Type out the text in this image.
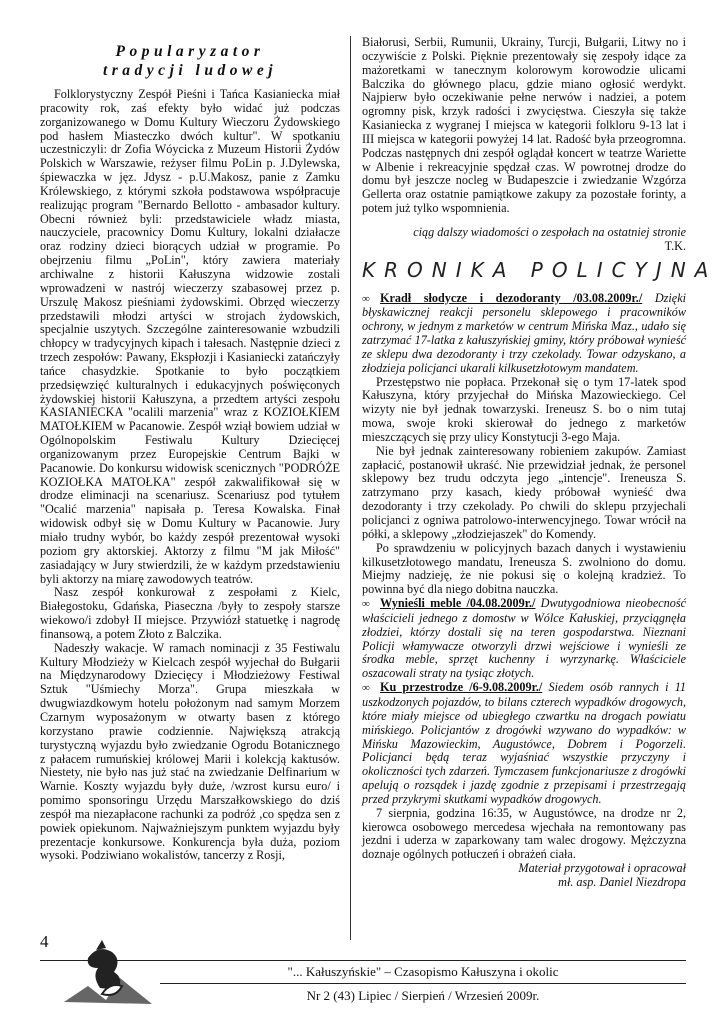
Popularyzator
tradycji ludowej

Folklorystyczny Zespół Pieśni i Tańca Kasianiecka miał pracowity rok, zaś efekty było widać już podczas zorganizowanego w Domu Kultury Wieczoru Żydowskiego pod hasłem Miasteczko dwóch kultur". W spotkaniu uczestniczyli: dr Zofia Wóycicka z Muzeum Historii Żydów Polskich w Warszawie, reżyser filmu PoLin p. J.Dylewska, śpiewaczka w jęz. Jdysz - p.U.Makosz, panie z Zamku Królewskiego, z którymi szkoła podstawowa współpracuje realizując program "Bernardo Bellotto - ambasador kultury. Obecni również byli: przedstawiciele władz miasta, nauczyciele, pracownicy Domu Kultury, lokalni działacze oraz rodziny dzieci biorących udział w programie. Po obejrzeniu filmu „PoLin", który zawiera materiały archiwalne z historii Kałuszyna widzowie zostali wprowadzeni w nastrój wieczerzy szabasowej przez p. Urszulę Makosz pieśniami żydowskimi. Obrzęd wieczerzy przedstawili młodzi artyści w strojach żydowskich, specjalnie uszytych. Szczególne zainteresowanie wzbudzili chłopcy w tradycyjnych kipach i tałesach. Następnie dzieci z trzech zespołów: Pawany, Ekspłozji i Kasianiecki zatańczyły tańce chasydzkie. Spotkanie to było początkiem przedsięwzięć kulturalnych i edukacyjnych poświęconych żydowskiej historii Kałuszyna, a przedtem artyści zespołu KASIANIECKA "ocalili marzenia" wraz z KOZIOŁKIEM MATOŁKIEM w Pacanowie. Zespół wziął bowiem udział w Ogólnopolskim Festiwalu Kultury Dziecięcej organizowanym przez Europejskie Centrum Bajki w Pacanowie. Do konkursu widowisk scenicznych "PODRÓŻE KOZIOŁKA MATOŁKA" zespół zakwalifikował się w drodze eliminacji na scenariusz. Scenariusz pod tytułem "Ocalić marzenia" napisała p. Teresa Kowalska. Finał widowisk odbył się w Domu Kultury w Pacanowie. Jury miało trudny wybór, bo każdy zespół prezentował wysoki poziom gry aktorskiej. Aktorzy z filmu "M jak Miłość" zasiadający w Jury stwierdzili, że w każdym przedstawieniu byli aktorzy na miarę zawodowych teatrów.

Nasz zespół konkurował z zespołami z Kielc, Białegostoku, Gdańska, Piaseczna /były to zespoły starsze wiekowo/i zdobył II miejsce. Przywiózł statuetkę i nagrodę finansową, a potem Złoto z Balczika.

Nadeszły wakacje. W ramach nominacji z 35 Festiwalu Kultury Młodzieży w Kielcach zespół wyjechał do Bułgarii na Międzynarodowy Dziecięcy i Młodzieżowy Festiwal Sztuk "Uśmiechy Morza". Grupa mieszkała w dwugwiazdkowym hotelu położonym nad samym Morzem Czarnym wyposażonym w otwarty basen z którego korzystano prawie codziennie. Największą atrakcją turystyczną wyjazdu było zwiedzanie Ogrodu Botanicznego z pałacem rumuńskiej królowej Marii i kolekcją kaktusów. Niestety, nie było nas już stać na zwiedzanie Delfinarium w Warnie. Koszty wyjazdu były duże, /wzrost kursu euro/ i pomimo sponsoringu Urzędu Marszałkowskiego do dziś zespół ma niezapłacone rachunki za podróż ,co spędza sen z powiek opiekunom. Najważniejszym punktem wyjazdu były prezentacje konkursowe. Konkurencja była duża, poziom wysoki. Podziwiano wokalistów, tancerzy z Rosji,

Białorusi, Serbii, Rumunii, Ukrainy, Turcji, Bułgarii, Litwy no i oczywiście z Polski. Pięknie prezentowały się zespoły idące za mażoretkami w tanecznym kolorowym korowodzie ulicami Balczika do głównego placu, gdzie miano ogłosić werdykt. Najpierw było oczekiwanie pełne nerwów i nadziei, a potem ogromny pisk, krzyk radości i zwycięstwa. Cieszyła się także Kasianiecka z wygranej I miejsca w kategorii folkloru 9-13 lat i III miejsca w kategorii powyżej 14 lat. Radość była przeogromna. Podczas następnych dni zespół oglądał koncert w teatrze Wariette w Albenie i rekreacyjnie spędzał czas. W powrotnej drodze do domu był jeszcze nocleg w Budapeszcie i zwiedzanie Wzgórza Gellerta oraz ostatnie pamiątkowe zakupy za pozostałe forinty, a potem już tylko wspomnienia.

ciąg dalszy wiadomości o zespołach na ostatniej stronie

T.K.

KRONIKA POLICYJNA

∞ Kradł słodycze i dezodoranty /03.08.2009r./ Dzięki błyskawicznej reakcji personelu sklepowego i pracowników ochrony, w jednym z marketów w centrum Mińska Maz., udało się zatrzymać 17-latka z kałuszyńskiej gminy, który próbował wynieść ze sklepu dwa dezodoranty i trzy czekolady. Towar odzyskano, a złodzieja policjanci ukarali kilkusetzłotowym mandatem.

Przestępstwo nie popłaca. Przekonał się o tym 17-latek spod Kałuszyna, który przyjechał do Mińska Mazowieckiego. Cel wizyty nie był jednak towarzyski. Ireneusz S. bo o nim tutaj mowa, swoje kroki skierował do jednego z marketów mieszczących się przy ulicy Konstytucji 3-ego Maja.

Nie był jednak zainteresowany robieniem zakupów. Zamiast zapłacić, postanowił ukraść. Nie przewidział jednak, że personel sklepowy bez trudu odczyta jego „intencje". Ireneusza S. zatrzymano przy kasach, kiedy próbował wynieść dwa dezodoranty i trzy czekolady. Po chwili do sklepu przyjechali policjanci z ogniwa patrolowo-interwencyjnego. Towar wrócił na półki, a sklepowy „złodziejaszek" do Komendy.

Po sprawdzeniu w policyjnych bazach danych i wystawieniu kilkusetzłotowego mandatu, Ireneusza S. zwolniono do domu. Miejmy nadzieję, że nie pokusi się o kolejną kradzież. To powinna być dla niego dobitna nauczka.

∞ Wynieśli meble /04.08.2009r./ Dwutygodniowa nieobecność właścicieli jednego z domostw w Wólce Kałuskiej, przyciągnęła złodziei, którzy dostali się na teren gospodarstwa. Nieznani Policji włamywacze otworzyli drzwi wejściowe i wynieśli ze środka meble, sprzęt kuchenny i wyrzynarkę. Właściciele oszacowali straty na tysiąc złotych.

∞ Ku przestrodze /6-9.08.2009r./ Siedem osób rannych i 11 uszkodzonych pojazdów, to bilans czterech wypadków drogowych, które miały miejsce od ubiegłego czwartku na drogach powiatu mińskiego. Policjantów z drogówki wzywano do wypadków: w Mińsku Mazowieckim, Augustówce, Dobrem i Pogorzeli. Policjanci będą teraz wyjaśniać wszystkie przyczyny i okoliczności tych zdarzeń. Tymczasem funkcjonariusze z drogówki apelują o rozsądek i jazdę zgodnie z przepisami i przestrzegają przed przykrymi skutkami wypadków drogowych.

7 sierpnia, godzina 16:35, w Augustówce, na drodze nr 2, kierowca osobowego mercedesa wjechała na remontowany pas jezdni i uderza w zaparkowany tam walec drogowy. Mężczyzna doznaje ogólnych potłuczeń i obrażeń ciała.

Materiał przygotował i opracował

mł. asp. Daniel Niezdropa

4
"... Kałuszyńskie" – Czasopismo Kałuszyna i okolic
Nr 2 (43) Lipiec / Sierpień / Wrzesień 2009r.
